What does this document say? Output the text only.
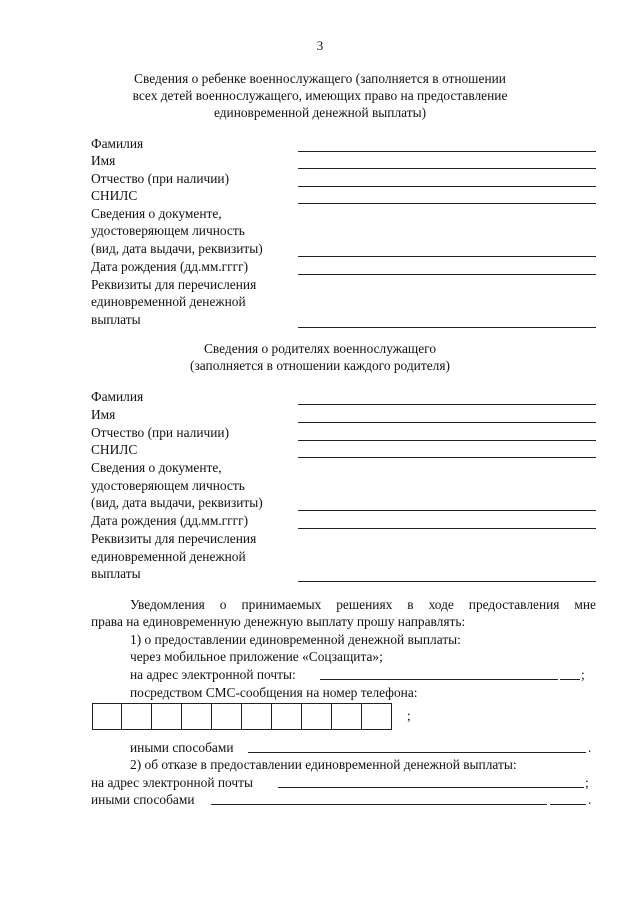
3
Сведения о ребенке военнослужащего (заполняется в отношении
всех детей военнослужащего, имеющих право на предоставление
единовременной денежной выплаты)
Фамилия
Имя
Отчество (при наличии)
СНИЛС
Сведения о документе,
удостоверяющем личность
(вид, дата выдачи, реквизиты)
Дата рождения (дд.мм.гггг)
Реквизиты для перечисления
единовременной денежной
выплаты
Сведения о родителях военнослужащего
(заполняется в отношении каждого родителя)
Фамилия
Имя
Отчество (при наличии)
СНИЛС
Сведения о документе,
удостоверяющем личность
(вид, дата выдачи, реквизиты)
Дата рождения (дд.мм.гггг)
Реквизиты для перечисления
единовременной денежной
выплаты
Уведомления о принимаемых решениях в ходе предоставления мне
права на единовременную денежную выплату прошу направлять:
1) о предоставлении единовременной денежной выплаты:
через мобильное приложение «Соцзащита»;
на адрес электронной почты:	;
посредством СМС-сообщения на номер телефона:
;
иными способами	.
2) об отказе в предоставлении единовременной денежной выплаты:
на адрес электронной почты	;
иными способами	.
